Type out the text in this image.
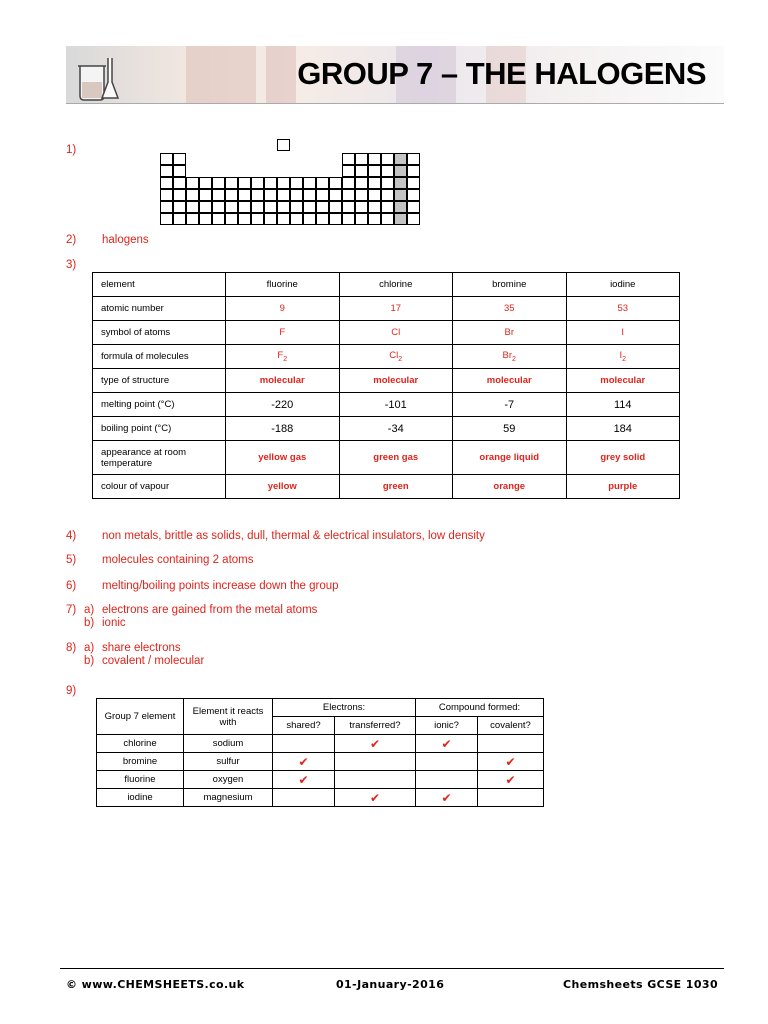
GROUP 7 – THE HALOGENS
1)
2) halogens
3)
element	fluorine	chlorine	bromine	iodine
atomic number	9	17	35	53
symbol of atoms	F	Cl	Br	I
formula of molecules	$F_2$	$Cl_2$	$Br_2$	$I_2$
type of structure	molecular	molecular	molecular	molecular
melting point (°C)	-220	-101	-7	114
boiling point (°C)	-188	-34	59	184
appearance at room temperature	yellow gas	green gas	orange liquid	grey solid
colour of vapour	yellow	green	orange	purple
4) non metals, brittle as solids, dull, thermal & electrical insulators, low density
5) molecules containing 2 atoms
6) melting/boiling points increase down the group
7) a) electrons are gained from the metal atoms
b) ionic
8) a) share electrons
b) covalent / molecular
9)
Group 7 element	Element it reacts with	Electrons:		Compound formed:	
		shared?	transferred?	ionic?	covalent?
chlorine	sodium		✔	✔	
bromine	sulfur	✔			✔
fluorine	oxygen	✔			✔
iodine	magnesium		✔	✔	
© www.CHEMSHEETS.co.uk	01-January-2016	Chemsheets GCSE 1030
